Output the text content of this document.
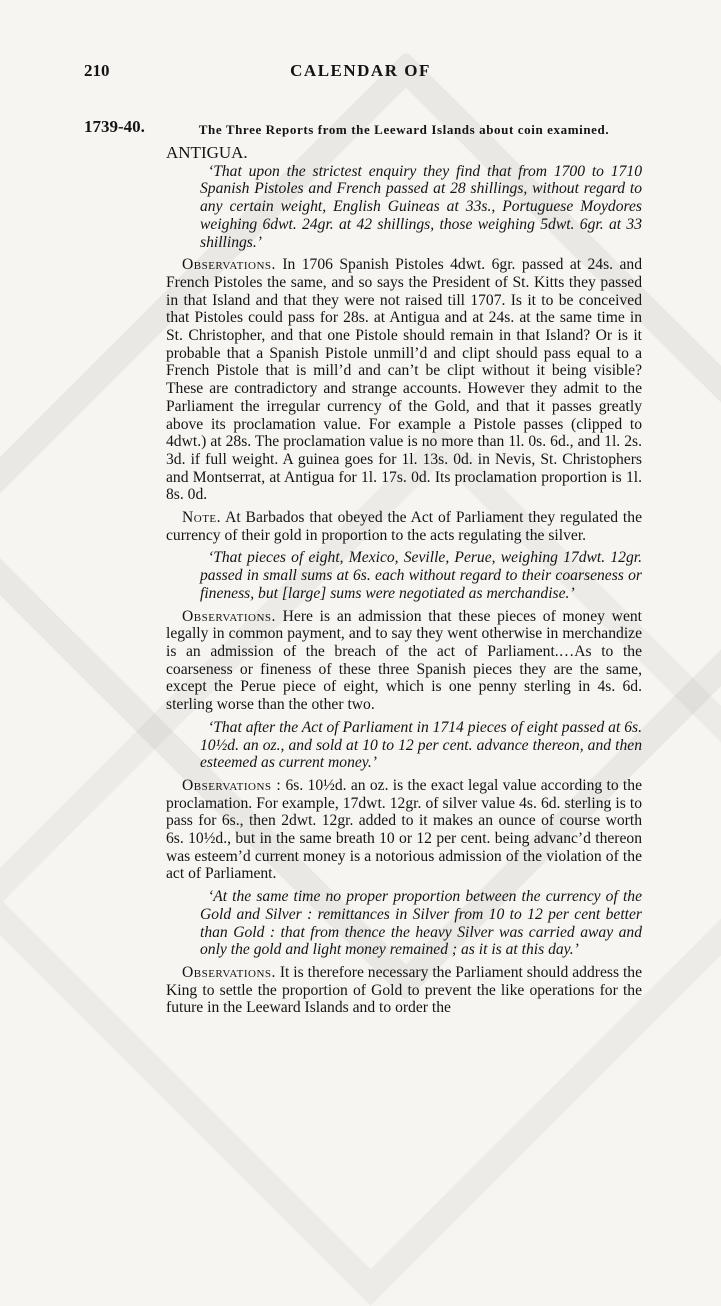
210	CALENDAR OF
1739-40.	The Three Reports from the Leeward Islands about coin examined.
ANTIGUA.
‘That upon the strictest enquiry they find that from 1700 to 1710 Spanish Pistoles and French passed at 28 shillings, without regard to any certain weight, English Guineas at 33s., Portuguese Moydores weighing 6dwt. 24gr. at 42 shillings, those weighing 5dwt. 6gr. at 33 shillings.’

Observations. In 1706 Spanish Pistoles 4dwt. 6gr. passed at 24s. and French Pistoles the same, and so says the President of St. Kitts they passed in that Island and that they were not raised till 1707. Is it to be conceived that Pistoles could pass for 28s. at Antigua and at 24s. at the same time in St. Christopher, and that one Pistole should remain in that Island? Or is it probable that a Spanish Pistole unmill’d and clipt should pass equal to a French Pistole that is mill’d and can’t be clipt without it being visible? These are contradictory and strange accounts. However they admit to the Parliament the irregular currency of the Gold, and that it passes greatly above its proclamation value. For example a Pistole passes (clipped to 4dwt.) at 28s. The proclamation value is no more than 1l. 0s. 6d., and 1l. 2s. 3d. if full weight. A guinea goes for 1l. 13s. 0d. in Nevis, St. Christophers and Montserrat, at Antigua for 1l. 17s. 0d. Its proclamation proportion is 1l. 8s. 0d.

Note. At Barbados that obeyed the Act of Parliament they regulated the currency of their gold in proportion to the acts regulating the silver.

‘That pieces of eight, Mexico, Seville, Perue, weighing 17dwt. 12gr. passed in small sums at 6s. each without regard to their coarseness or fineness, but [large] sums were negotiated as merchandise.’

Observations. Here is an admission that these pieces of money went legally in common payment, and to say they went otherwise in merchandize is an admission of the breach of the act of Parliament.…As to the coarseness or fineness of these three Spanish pieces they are the same, except the Perue piece of eight, which is one penny sterling in 4s. 6d. sterling worse than the other two.

‘That after the Act of Parliament in 1714 pieces of eight passed at 6s. 10½d. an oz., and sold at 10 to 12 per cent. advance thereon, and then esteemed as current money.’

Observations : 6s. 10½d. an oz. is the exact legal value according to the proclamation. For example, 17dwt. 12gr. of silver value 4s. 6d. sterling is to pass for 6s., then 2dwt. 12gr. added to it makes an ounce of course worth 6s. 10½d., but in the same breath 10 or 12 per cent. being advanc’d thereon was esteem’d current money is a notorious admission of the violation of the act of Parliament.

‘At the same time no proper proportion between the currency of the Gold and Silver : remittances in Silver from 10 to 12 per cent better than Gold : that from thence the heavy Silver was carried away and only the gold and light money remained ; as it is at this day.’

Observations. It is therefore necessary the Parliament should address the King to settle the proportion of Gold to prevent the like operations for the future in the Leeward Islands and to order the
